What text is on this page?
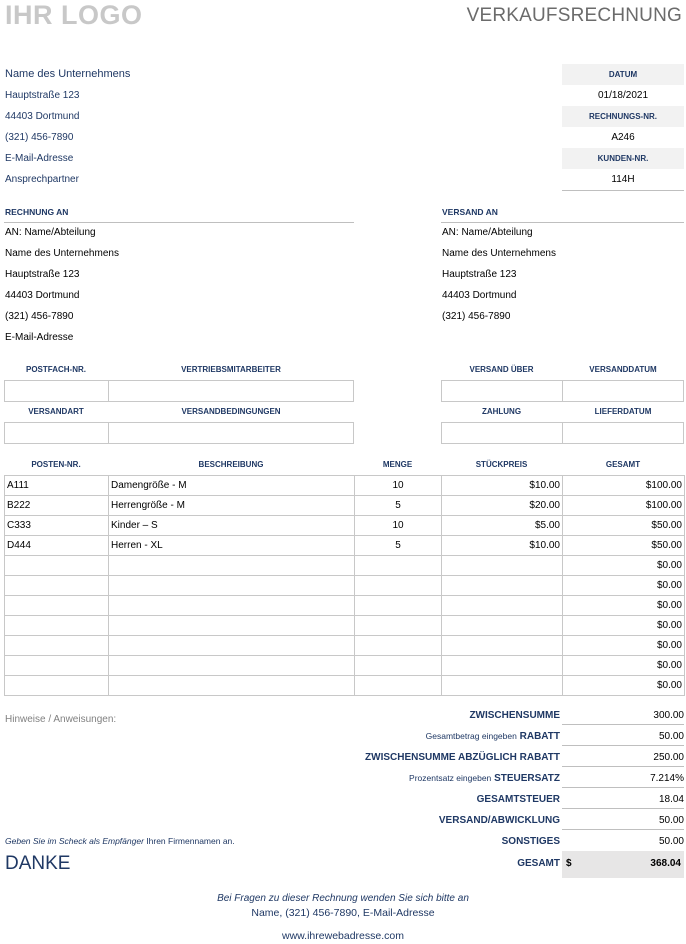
IHR LOGO	VERKAUFSRECHNUNG
Name des Unternehmens
Hauptstraße 123
44403 Dortmund
(321) 456-7890
E-Mail-Adresse
Ansprechpartner
DATUM
01/18/2021
RECHNUNGS-NR.
A246
KUNDEN-NR.
114H
RECHNUNG AN
AN: Name/Abteilung
Name des Unternehmens
Hauptstraße 123
44403 Dortmund
(321) 456-7890
E-Mail-Adresse
VERSAND AN
AN: Name/Abteilung
Name des Unternehmens
Hauptstraße 123
44403 Dortmund
(321) 456-7890
POSTFACH-NR.	VERTRIEBSMITARBEITER	VERSAND ÜBER	VERSANDDATUM
VERSANDART	VERSANDBEDINGUNGEN	ZAHLUNG	LIEFERDATUM
POSTEN-NR.	BESCHREIBUNG	MENGE	STÜCKPREIS	GESAMT
A111	Damengröße - M	10	$10.00	$100.00
B222	Herrengröße - M	5	$20.00	$100.00
C333	Kinder – S	10	$5.00	$50.00
D444	Herren - XL	5	$10.00	$50.00
				$0.00
				$0.00
				$0.00
				$0.00
				$0.00
				$0.00
				$0.00
Hinweise / Anweisungen:
Geben Sie im Scheck als Empfänger Ihren Firmennamen an.
DANKE
ZWISCHENSUMME	300.00
Gesamtbetrag eingeben RABATT	50.00
ZWISCHENSUMME ABZÜGLICH RABATT	250.00
Prozentsatz eingeben STEUERSATZ	7.214%
GESAMTSTEUER	18.04
VERSAND/ABWICKLUNG	50.00
SONSTIGES	50.00
GESAMT $	368.04
Bei Fragen zu dieser Rechnung wenden Sie sich bitte an
Name, (321) 456-7890, E-Mail-Adresse
www.ihrewebadresse.com
